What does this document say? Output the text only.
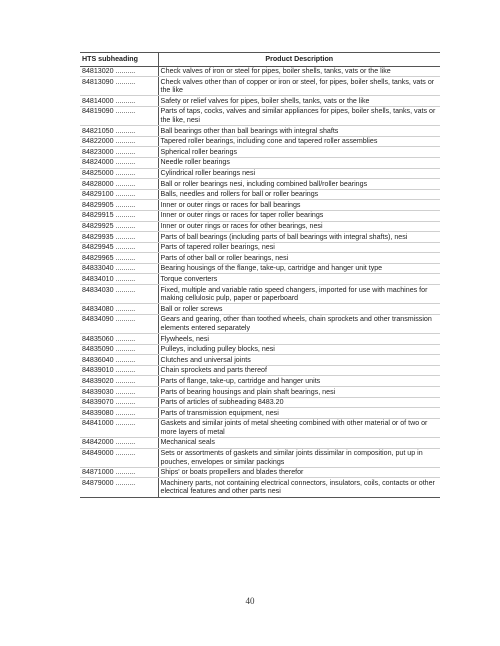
HTS subheading	Product Description
84813020 ..........	Check valves of iron or steel for pipes, boiler shells, tanks, vats or the like
84813090 ..........	Check valves other than of copper or iron or steel, for pipes, boiler shells, tanks, vats or the like
84814000 ..........	Safety or relief valves for pipes, boiler shells, tanks, vats or the like
84819090 ..........	Parts of taps, cocks, valves and similar appliances for pipes, boiler shells, tanks, vats or the like, nesi
84821050 ..........	Ball bearings other than ball bearings with integral shafts
84822000 ..........	Tapered roller bearings, including cone and tapered roller assemblies
84823000 ..........	Spherical roller bearings
84824000 ..........	Needle roller bearings
84825000 ..........	Cylindrical roller bearings nesi
84828000 ..........	Ball or roller bearings nesi, including combined ball/roller bearings
84829100 ..........	Balls, needles and rollers for ball or roller bearings
84829905 ..........	Inner or outer rings or races for ball bearings
84829915 ..........	Inner or outer rings or races for taper roller bearings
84829925 ..........	Inner or outer rings or races for other bearings, nesi
84829935 ..........	Parts of ball bearings (including parts of ball bearings with integral shafts), nesi
84829945 ..........	Parts of tapered roller bearings, nesi
84829965 ..........	Parts of other ball or roller bearings, nesi
84833040 ..........	Bearing housings of the flange, take-up, cartridge and hanger unit type
84834010 ..........	Torque converters
84834030 ..........	Fixed, multiple and variable ratio speed changers, imported for use with machines for making cellulosic pulp, paper or paperboard
84834080 ..........	Ball or roller screws
84834090 ..........	Gears and gearing, other than toothed wheels, chain sprockets and other transmission elements entered separately
84835060 ..........	Flywheels, nesi
84835090 ..........	Pulleys, including pulley blocks, nesi
84836040 ..........	Clutches and universal joints
84839010 ..........	Chain sprockets and parts thereof
84839020 ..........	Parts of flange, take-up, cartridge and hanger units
84839030 ..........	Parts of bearing housings and plain shaft bearings, nesi
84839070 ..........	Parts of articles of subheading 8483.20
84839080 ..........	Parts of transmission equipment, nesi
84841000 ..........	Gaskets and similar joints of metal sheeting combined with other material or of two or more layers of metal
84842000 ..........	Mechanical seals
84849000 ..........	Sets or assortments of gaskets and similar joints dissimilar in composition, put up in pouches, envelopes or similar packings
84871000 ..........	Ships' or boats propellers and blades therefor
84879000 ..........	Machinery parts, not containing electrical connectors, insulators, coils, contacts or other electrical features and other parts nesi
40
